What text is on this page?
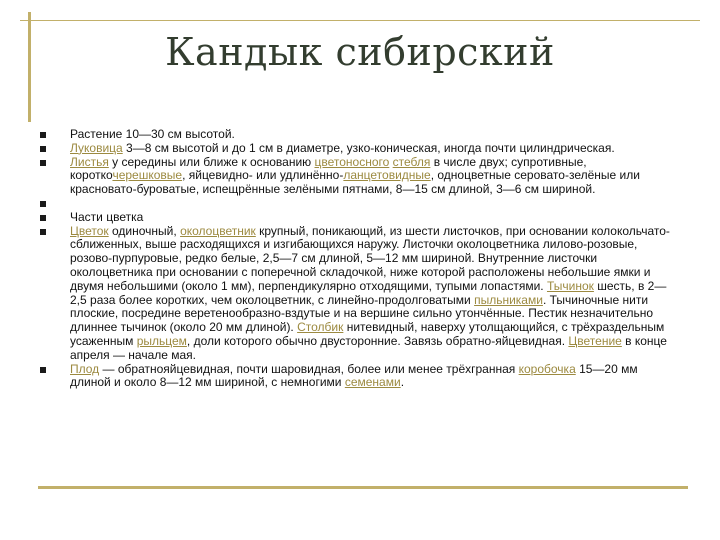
Кандык сибирский
Растение 10—30 см высотой.
Луковица 3—8 см высотой и до 1 см в диаметре, узко-коническая, иногда почти цилиндрическая.
Листья у середины или ближе к основанию цветоносного стебля в числе двух; супротивные, короткочерешковые, яйцевидно- или удлинённо-ланцетовидные, одноцветные серовато-зелёные или красновато-буроватые, испещрённые зелёными пятнами, 8—15 см длиной, 3—6 см шириной.

Части цветка
Цветок одиночный, околоцветник крупный, поникающий, из шести листочков, при основании колокольчато-сближенных, выше расходящихся и изгибающихся наружу. Листочки околоцветника лилово-розовые, розово-пурпуровые, редко белые, 2,5—7 см длиной, 5—12 мм шириной. Внутренние листочки околоцветника при основании с поперечной складочкой, ниже которой расположены небольшие ямки и двумя небольшими (около 1 мм), перпендикулярно отходящими, тупыми лопастями. Тычинок шесть, в 2—2,5 раза более коротких, чем околоцветник, с линейно-продолговатыми пыльниками. Тычиночные нити плоские, посредине веретенообразно-вздутые и на вершине сильно утончённые. Пестик незначительно длиннее тычинок (около 20 мм длиной). Столбик нитевидный, наверху утолщающийся, с трёхраздельным усаженным рыльцем, доли которого обычно двусторонние. Завязь обратно-яйцевидная. Цветение в конце апреля — начале мая.
Плод — обратнояйцевидная, почти шаровидная, более или менее трёхгранная коробочка 15—20 мм длиной и около 8—12 мм шириной, с немногими семенами.
